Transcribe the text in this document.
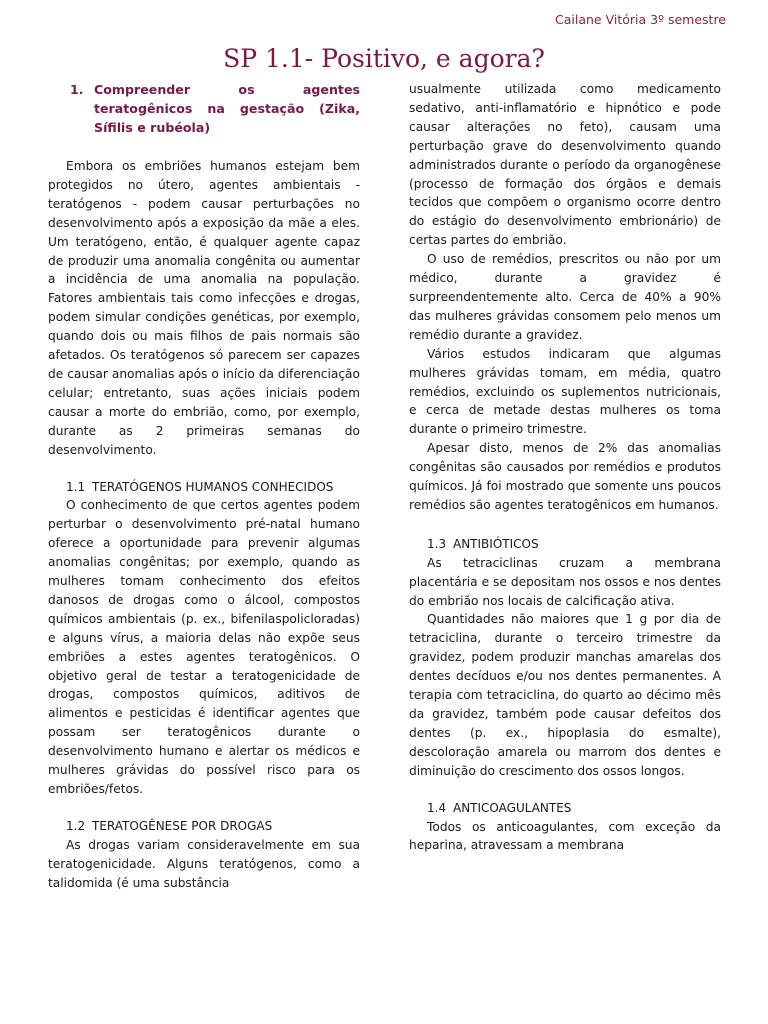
Cailane Vitória 3º semestre
SP 1.1- Positivo, e agora?
1. Compreender os agentes teratogênicos na gestação (Zika, Sífilis e rubéola)

Embora os embriões humanos estejam bem protegidos no útero, agentes ambientais - teratógenos - podem causar perturbações no desenvolvimento após a exposição da mãe a eles. Um teratógeno, então, é qualquer agente capaz de produzir uma anomalia congênita ou aumentar a incidência de uma anomalia na população. Fatores ambientais tais como infecções e drogas, podem simular condições genéticas, por exemplo, quando dois ou mais filhos de pais normais são afetados. Os teratógenos só parecem ser capazes de causar anomalias após o início da diferenciação celular; entretanto, suas ações iniciais podem causar a morte do embrião, como, por exemplo, durante as 2 primeiras semanas do desenvolvimento.

1.1 TERATÓGENOS HUMANOS CONHECIDOS

O conhecimento de que certos agentes podem perturbar o desenvolvimento pré-natal humano oferece a oportunidade para prevenir algumas anomalias congênitas; por exemplo, quando as mulheres tomam conhecimento dos efeitos danosos de drogas como o álcool, compostos químicos ambientais (p. ex., bifenilaspolicloradas) e alguns vírus, a maioria delas não expõe seus embriões a estes agentes teratogênicos. O objetivo geral de testar a teratogenicidade de drogas, compostos químicos, aditivos de alimentos e pesticidas é identificar agentes que possam ser teratogênicos durante o desenvolvimento humano e alertar os médicos e mulheres grávidas do possível risco para os embriões/fetos.

1.2 TERATOGÊNESE POR DROGAS

As drogas variam consideravelmente em sua teratogenicidade. Alguns teratógenos, como a talidomida (é uma substância

usualmente utilizada como medicamento sedativo, anti-inflamatório e hipnótico e pode causar alterações no feto), causam uma perturbação grave do desenvolvimento quando administrados durante o período da organogênese (processo de formação dos órgãos e demais tecidos que compõem o organismo ocorre dentro do estágio do desenvolvimento embrionário) de certas partes do embrião.

O uso de remédios, prescritos ou não por um médico, durante a gravidez é surpreendentemente alto. Cerca de 40% a 90% das mulheres grávidas consomem pelo menos um remédio durante a gravidez.

Vários estudos indicaram que algumas mulheres grávidas tomam, em média, quatro remédios, excluindo os suplementos nutricionais, e cerca de metade destas mulheres os toma durante o primeiro trimestre.

Apesar disto, menos de 2% das anomalias congênitas são causados por remédios e produtos químicos. Já foi mostrado que somente uns poucos remédios são agentes teratogênicos em humanos.

1.3 ANTIBIÓTICOS

As tetraciclinas cruzam a membrana placentária e se depositam nos ossos e nos dentes do embrião nos locais de calcificação ativa.

Quantidades não maiores que 1 g por dia de tetraciclina, durante o terceiro trimestre da gravidez, podem produzir manchas amarelas dos dentes decíduos e/ou nos dentes permanentes. A terapia com tetraciclina, do quarto ao décimo mês da gravidez, também pode causar defeitos dos dentes (p. ex., hipoplasia do esmalte), descoloração amarela ou marrom dos dentes e diminuição do crescimento dos ossos longos.

1.4 ANTICOAGULANTES

Todos os anticoagulantes, com exceção da heparina, atravessam a membrana
